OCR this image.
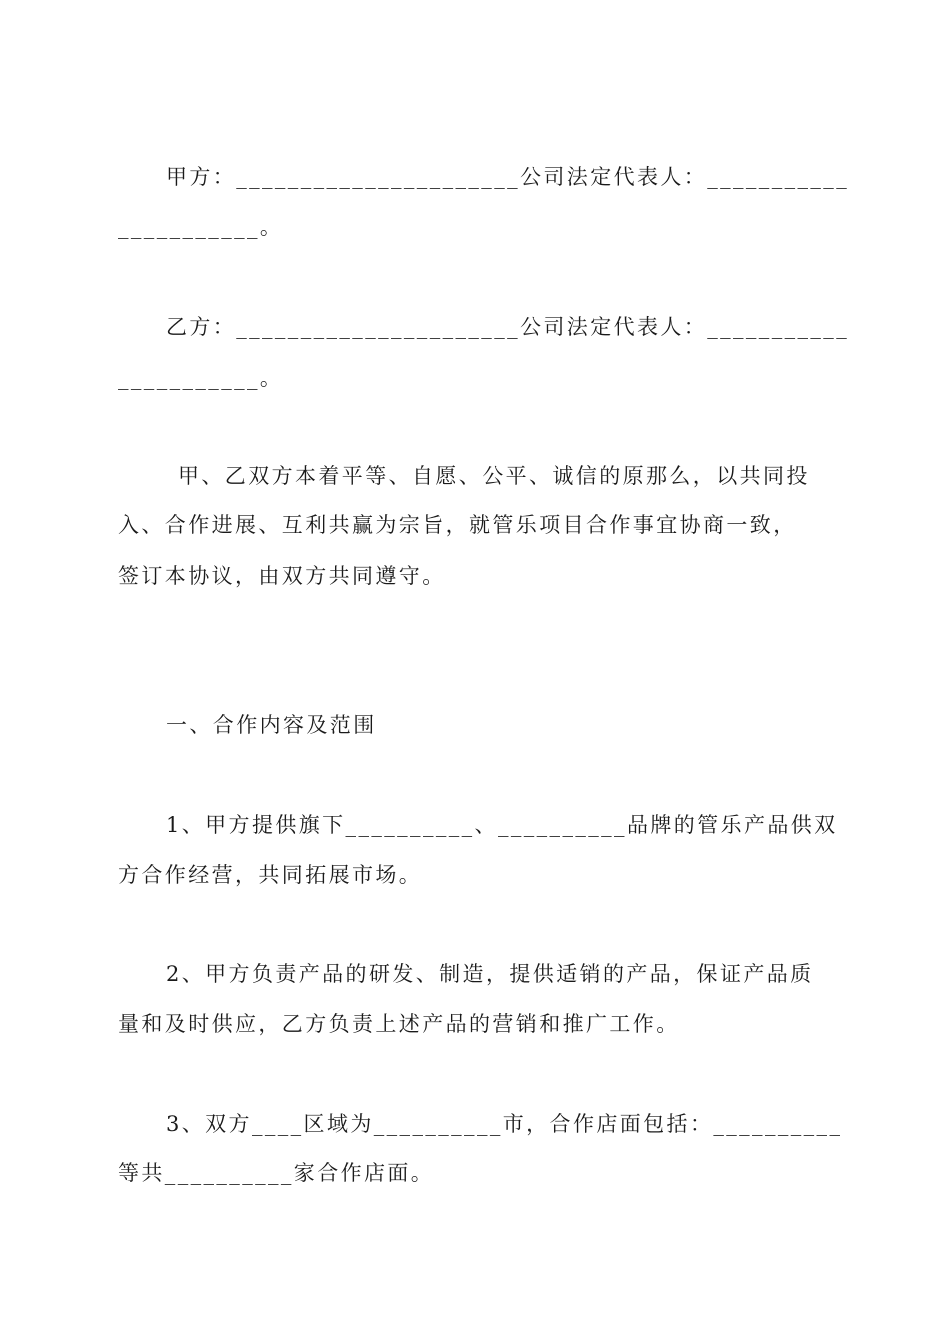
甲方：______________________公司法定代表人：___________
___________。
乙方：______________________公司法定代表人：___________
___________。
甲、乙双方本着平等、自愿、公平、诚信的原那么，以共同投
入、合作进展、互利共赢为宗旨，就管乐项目合作事宜协商一致，
签订本协议，由双方共同遵守。
一、合作内容及范围
1、甲方提供旗下__________、__________品牌的管乐产品供双
方合作经营，共同拓展市场。
2、甲方负责产品的研发、制造，提供适销的产品，保证产品质
量和及时供应，乙方负责上述产品的营销和推广工作。
3、双方____区域为__________市，合作店面包括：__________
等共__________家合作店面。
